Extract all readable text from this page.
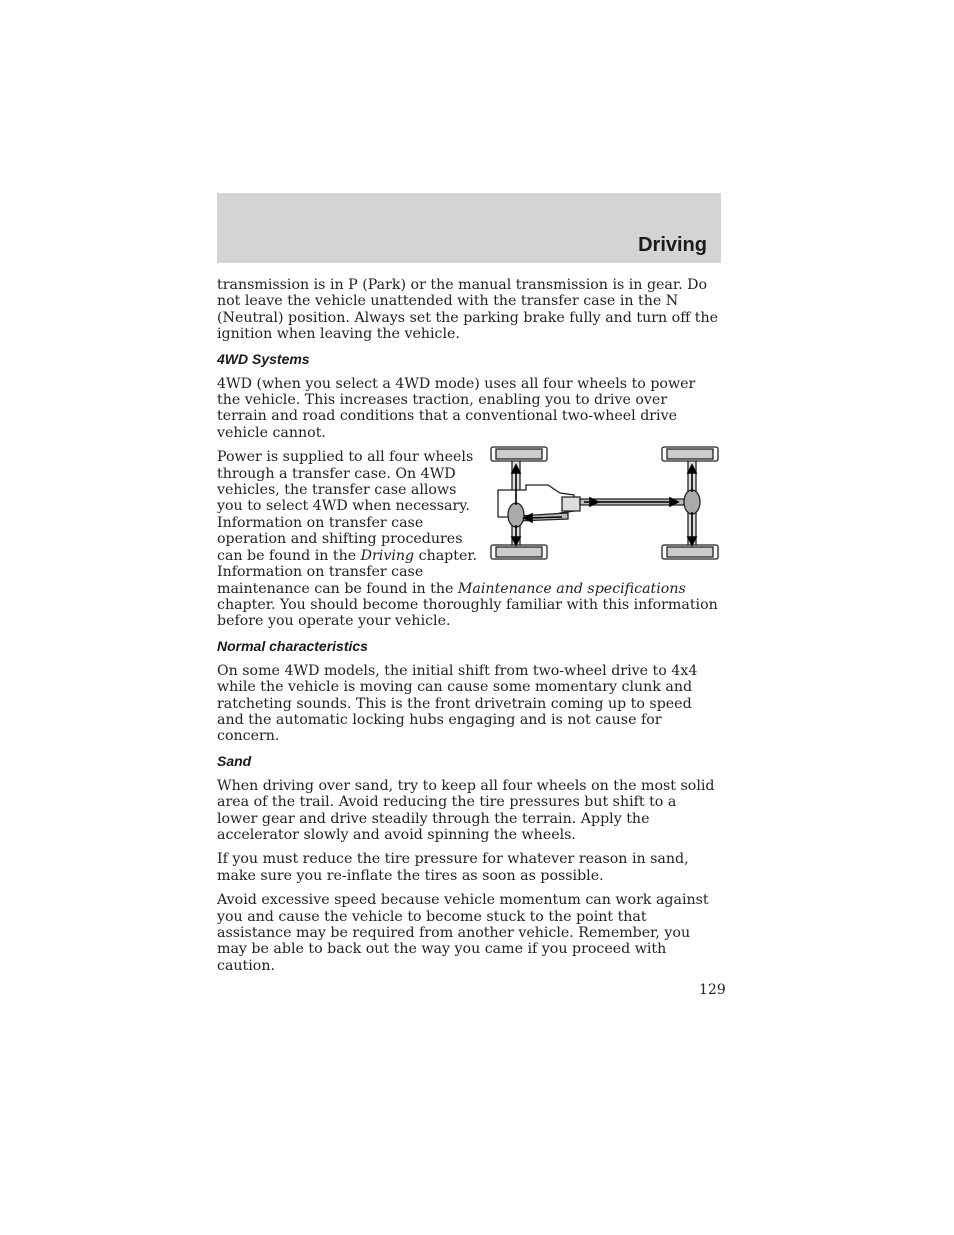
Driving

transmission is in P (Park) or the manual transmission is in gear. Do not leave the vehicle unattended with the transfer case in the N (Neutral) position. Always set the parking brake fully and turn off the ignition when leaving the vehicle.

4WD Systems

4WD (when you select a 4WD mode) uses all four wheels to power the vehicle. This increases traction, enabling you to drive over terrain and road conditions that a conventional two-wheel drive vehicle cannot.

Power is supplied to all four wheels through a transfer case. On 4WD vehicles, the transfer case allows you to select 4WD when necessary. Information on transfer case operation and shifting procedures can be found in the Driving chapter. Information on transfer case maintenance can be found in the Maintenance and specifications chapter. You should become thoroughly familiar with this information before you operate your vehicle.

Normal characteristics

On some 4WD models, the initial shift from two-wheel drive to 4x4 while the vehicle is moving can cause some momentary clunk and ratcheting sounds. This is the front drivetrain coming up to speed and the automatic locking hubs engaging and is not cause for concern.

Sand

When driving over sand, try to keep all four wheels on the most solid area of the trail. Avoid reducing the tire pressures but shift to a lower gear and drive steadily through the terrain. Apply the accelerator slowly and avoid spinning the wheels.

If you must reduce the tire pressure for whatever reason in sand, make sure you re-inflate the tires as soon as possible.

Avoid excessive speed because vehicle momentum can work against you and cause the vehicle to become stuck to the point that assistance may be required from another vehicle. Remember, you may be able to back out the way you came if you proceed with caution.

129
